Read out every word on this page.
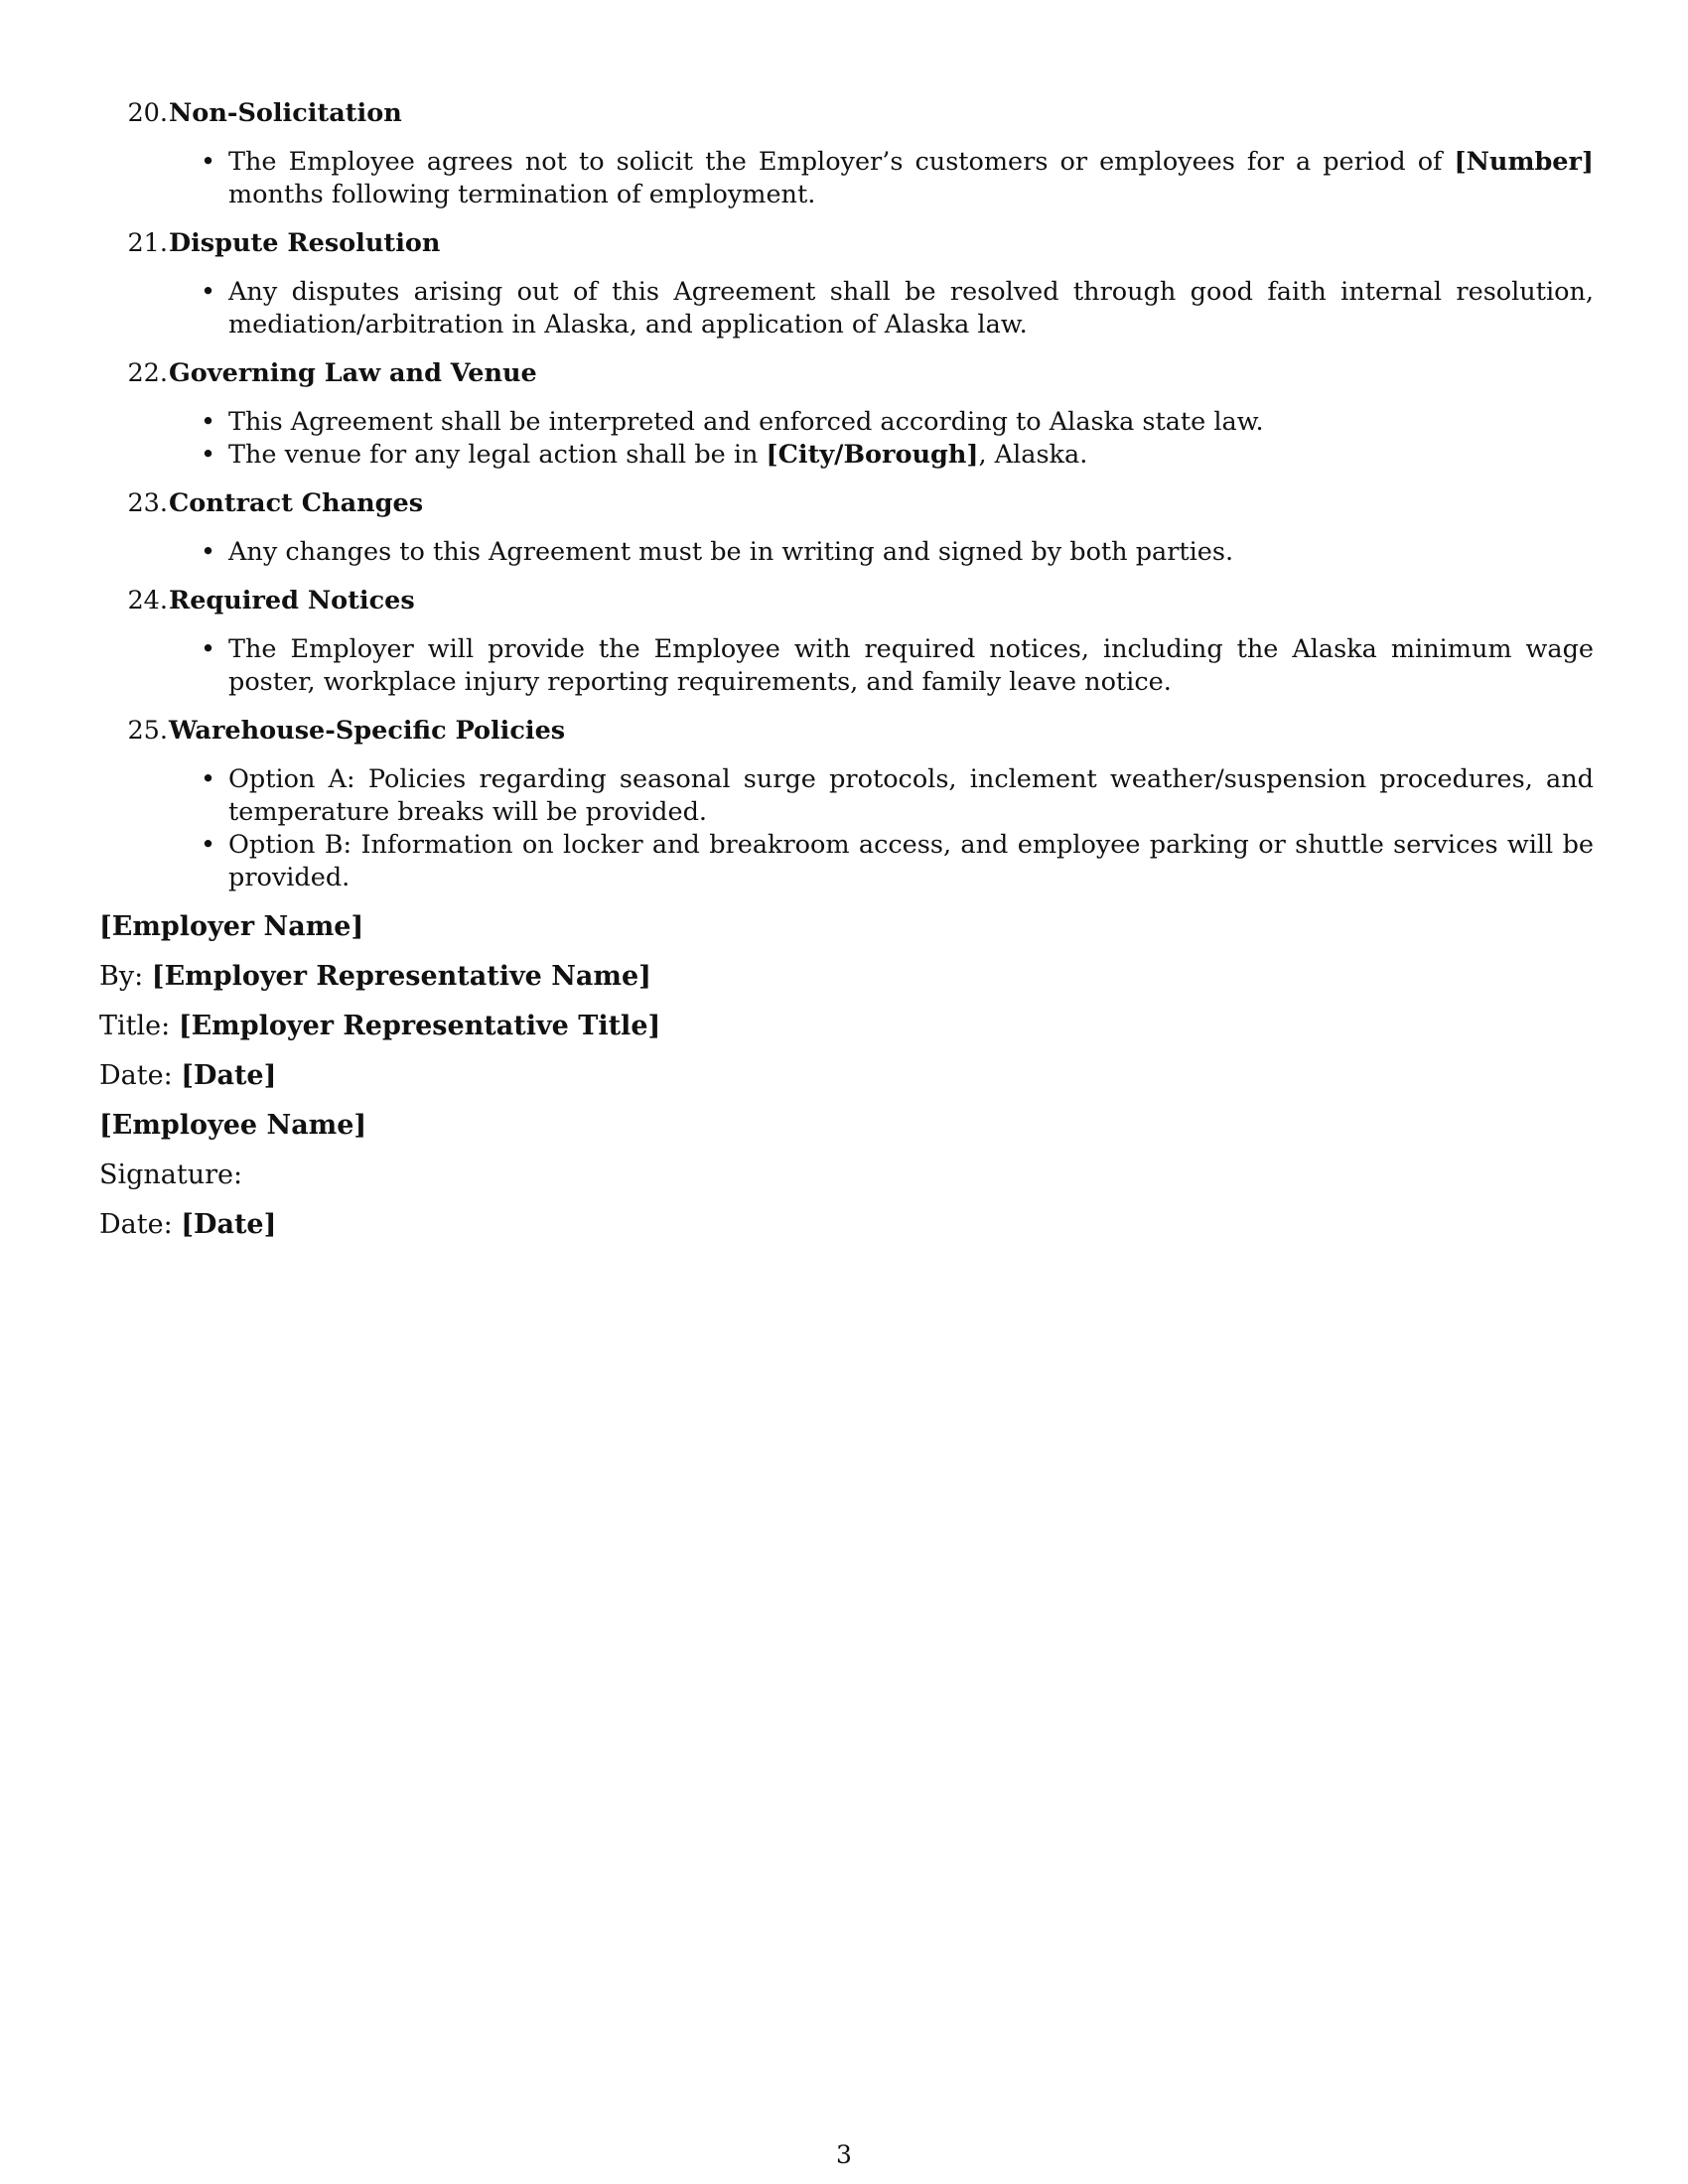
20. Non-Solicitation
• The Employee agrees not to solicit the Employer’s customers or employees for a period of [Number] months following termination of employment.
21. Dispute Resolution
• Any disputes arising out of this Agreement shall be resolved through good faith internal resolution, mediation/arbitration in Alaska, and application of Alaska law.
22. Governing Law and Venue
• This Agreement shall be interpreted and enforced according to Alaska state law.
• The venue for any legal action shall be in [City/Borough], Alaska.
23. Contract Changes
• Any changes to this Agreement must be in writing and signed by both parties.
24. Required Notices
• The Employer will provide the Employee with required notices, including the Alaska minimum wage poster, workplace injury reporting requirements, and family leave notice.
25. Warehouse-Specific Policies
• Option A: Policies regarding seasonal surge protocols, inclement weather/suspension procedures, and temperature breaks will be provided.
• Option B: Information on locker and breakroom access, and employee parking or shuttle services will be provided.
[Employer Name]
By: [Employer Representative Name]
Title: [Employer Representative Title]
Date: [Date]
[Employee Name]
Signature:
Date: [Date]
3
